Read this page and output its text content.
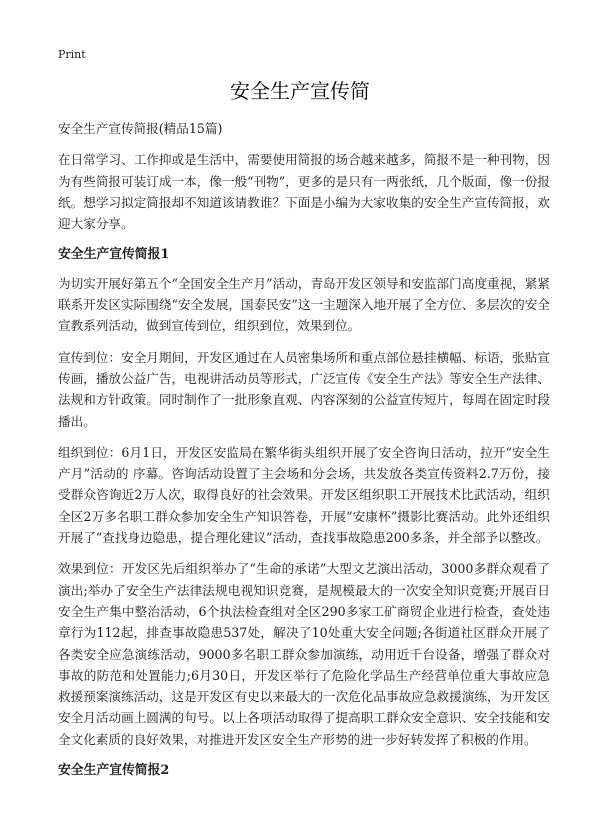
Print
安全生产宣传简

安全生产宣传简报(精品15篇)

在日常学习、工作抑或是生活中，需要使用简报的场合越来越多，简报不是一种刊物，因为有些简报可装订成一本，像一般“刊物”，更多的是只有一两张纸，几个版面，像一份报纸。想学习拟定简报却不知道该请教谁？下面是小编为大家收集的安全生产宣传简报，欢迎大家分享。

安全生产宣传简报1

为切实开展好第五个“全国安全生产月”活动，青岛开发区领导和安监部门高度重视，紧紧联系开发区实际围绕“安全发展，国泰民安”这一主题深入地开展了全方位、多层次的安全宣教系列活动，做到宣传到位，组织到位，效果到位。

宣传到位：安全月期间，开发区通过在人员密集场所和重点部位悬挂横幅、标语，张贴宣传画，播放公益广告，电视讲活动员等形式，广泛宣传《安全生产法》等安全生产法律、法规和方针政策。同时制作了一批形象直观、内容深刻的公益宣传短片，每周在固定时段播出。

组织到位：6月1日，开发区安监局在繁华街头组织开展了安全咨询日活动，拉开“安全生产月”活动的 序幕。咨询活动设置了主会场和分会场，共发放各类宣传资料2.7万份，接受群众咨询近2万人次，取得良好的社会效果。开发区组织职工开展技术比武活动，组织全区2万多名职工群众参加安全生产知识答卷，开展“安康杯”摄影比赛活动。此外还组织开展了“查找身边隐患，提合理化建议”活动，查找事故隐患200多条，并全部予以整改。

效果到位：开发区先后组织举办了“生命的承诺”大型文艺演出活动，3000多群众观看了演出;举办了安全生产法律法规电视知识竞赛，是规模最大的一次安全知识竞赛;开展百日安全生产集中整治活动，6个执法检查组对全区290多家工矿商贸企业进行检查，查处违章行为112起，排查事故隐患537处，解决了10处重大安全问题;各街道社区群众开展了各类安全应急演练活动，9000多名职工群众参加演练，动用近千台设备，增强了群众对事故的防范和处置能力;6月30日，开发区举行了危险化学品生产经营单位重大事故应急救援预案演练活动，这是开发区有史以来最大的一次危化品事故应急救援演练，为开发区安全月活动画上圆满的句号。以上各项活动取得了提高职工群众安全意识、安全技能和安全文化素质的良好效果，对推进开发区安全生产形势的进一步好转发挥了积极的作用。

安全生产宣传简报2
